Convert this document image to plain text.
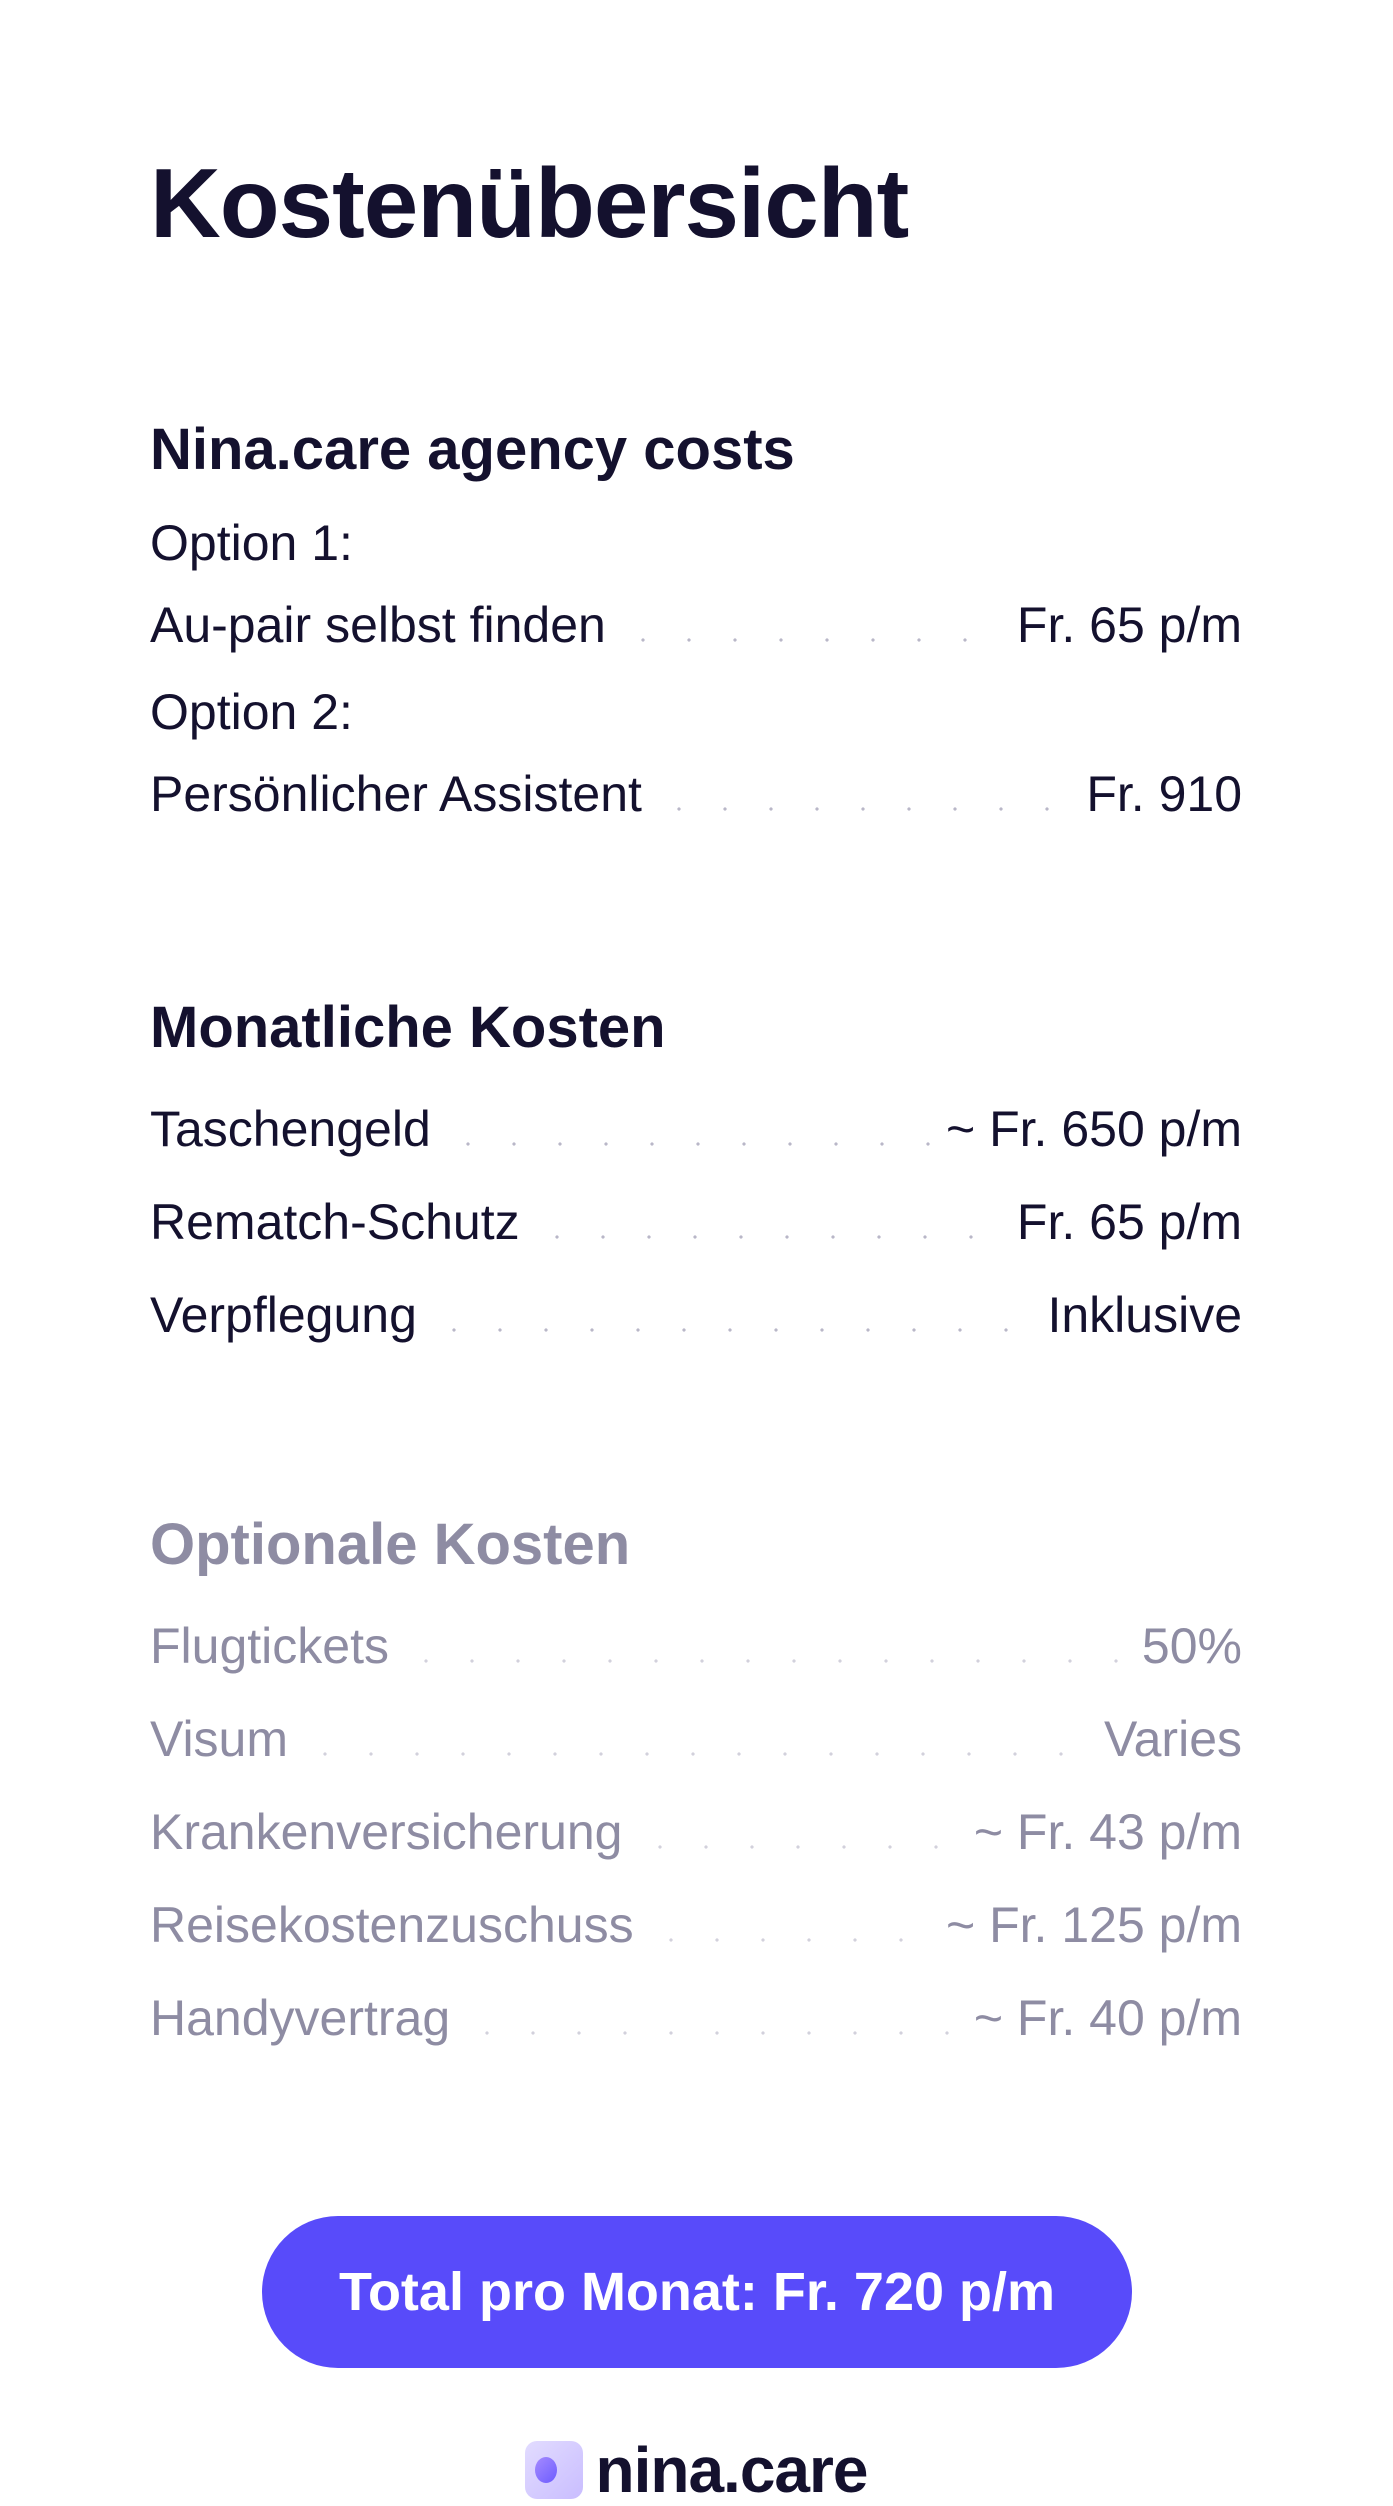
Kostenübersicht
Nina.care agency costs
Option 1:
Au-pair selbst finden	Fr. 65 p/m
Option 2:
Persönlicher Assistent	Fr. 910
Monatliche Kosten
Taschengeld	~ Fr. 650 p/m
Rematch-Schutz	Fr. 65 p/m
Verpflegung	Inklusive
Optionale Kosten
Flugtickets	50%
Visum	Varies
Krankenversicherung	~ Fr. 43 p/m
Reisekostenzuschuss	~ Fr. 125 p/m
Handyvertrag	~ Fr. 40 p/m
Total pro Monat: Fr. 720 p/m
nina.care
